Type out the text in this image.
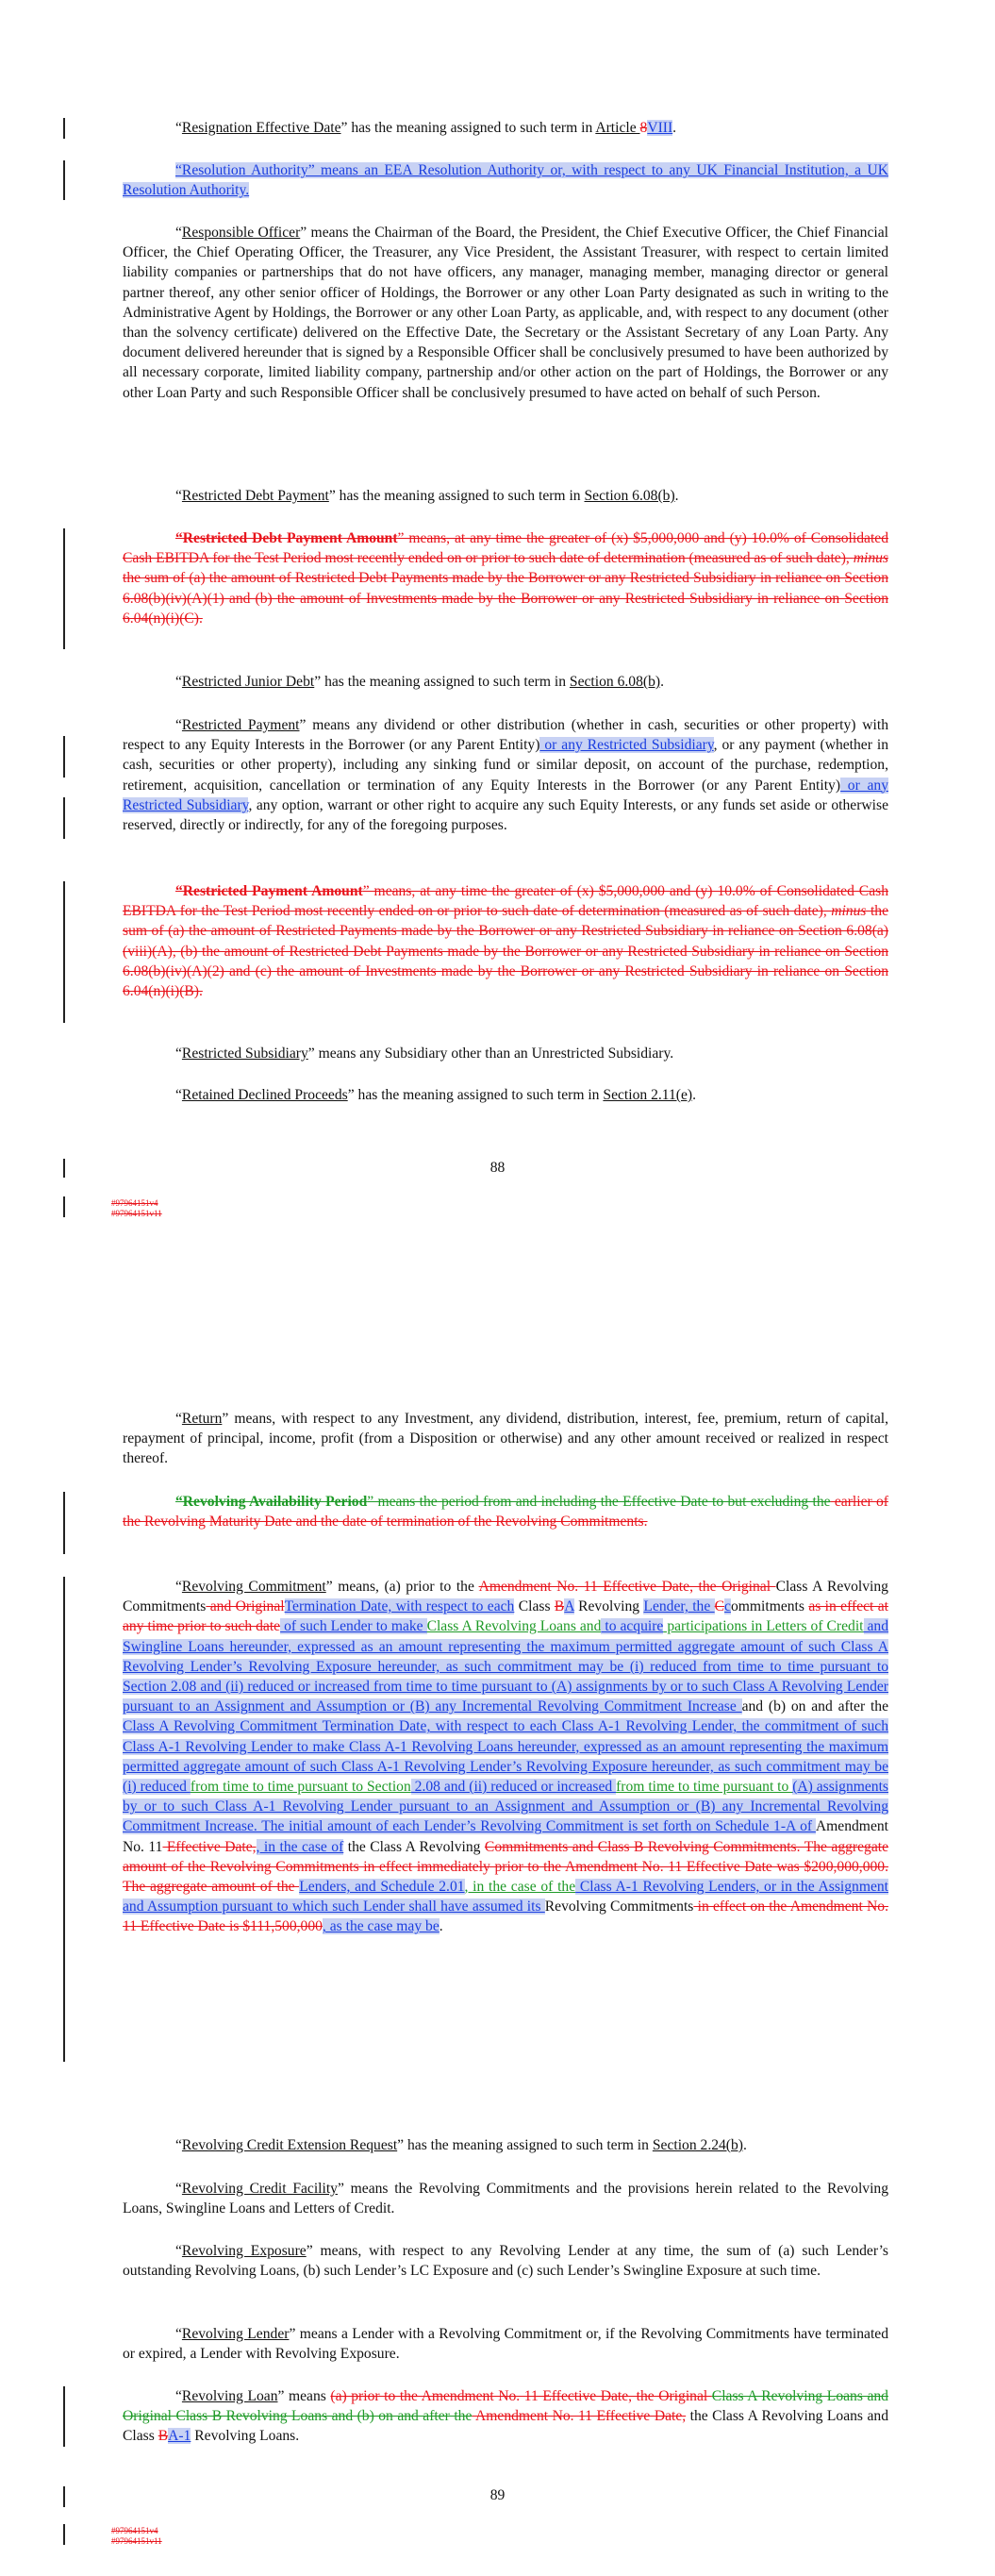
“Resignation Effective Date” has the meaning assigned to such term in Article 8VIII.

“Resolution Authority” means an EEA Resolution Authority or, with respect to any UK Financial Institution, a UK Resolution Authority.

“Responsible Officer” means the Chairman of the Board, the President, the Chief Executive Officer, the Chief Financial Officer, the Chief Operating Officer, the Treasurer, any Vice President, the Assistant Treasurer, with respect to certain limited liability companies or partnerships that do not have officers, any manager, managing member, managing director or general partner thereof, any other senior officer of Holdings, the Borrower or any other Loan Party designated as such in writing to the Administrative Agent by Holdings, the Borrower or any other Loan Party, as applicable, and, with respect to any document (other than the solvency certificate) delivered on the Effective Date, the Secretary or the Assistant Secretary of any Loan Party. Any document delivered hereunder that is signed by a Responsible Officer shall be conclusively presumed to have been authorized by all necessary corporate, limited liability company, partnership and/or other action on the part of Holdings, the Borrower or any other Loan Party and such Responsible Officer shall be conclusively presumed to have acted on behalf of such Person.

“Restricted Debt Payment” has the meaning assigned to such term in Section 6.08(b).

“Restricted Debt Payment Amount” means, at any time the greater of (x) $5,000,000 and (y) 10.0% of Consolidated Cash EBITDA for the Test Period most recently ended on or prior to such date of determination (measured as of such date), minus the sum of (a) the amount of Restricted Debt Payments made by the Borrower or any Restricted Subsidiary in reliance on Section 6.08(b)(iv)(A)(1) and (b) the amount of Investments made by the Borrower or any Restricted Subsidiary in reliance on Section 6.04(n)(i)(C).

“Restricted Junior Debt” has the meaning assigned to such term in Section 6.08(b).

“Restricted Payment” means any dividend or other distribution (whether in cash, securities or other property) with respect to any Equity Interests in the Borrower (or any Parent Entity) or any Restricted Subsidiary, or any payment (whether in cash, securities or other property), including any sinking fund or similar deposit, on account of the purchase, redemption, retirement, acquisition, cancellation or termination of any Equity Interests in the Borrower (or any Parent Entity) or any Restricted Subsidiary, any option, warrant or other right to acquire any such Equity Interests, or any funds set aside or otherwise reserved, directly or indirectly, for any of the foregoing purposes.

“Restricted Payment Amount” means, at any time the greater of (x) $5,000,000 and (y) 10.0% of Consolidated Cash EBITDA for the Test Period most recently ended on or prior to such date of determination (measured as of such date), minus the sum of (a) the amount of Restricted Payments made by the Borrower or any Restricted Subsidiary in reliance on Section 6.08(a)(viii)(A), (b) the amount of Restricted Debt Payments made by the Borrower or any Restricted Subsidiary in reliance on Section 6.08(b)(iv)(A)(2) and (c) the amount of Investments made by the Borrower or any Restricted Subsidiary in reliance on Section 6.04(n)(i)(B).

“Restricted Subsidiary” means any Subsidiary other than an Unrestricted Subsidiary.

“Retained Declined Proceeds” has the meaning assigned to such term in Section 2.11(e).

88
#97964151v4
#97964151v11

“Return” means, with respect to any Investment, any dividend, distribution, interest, fee, premium, return of capital, repayment of principal, income, profit (from a Disposition or otherwise) and any other amount received or realized in respect thereof.

“Revolving Availability Period” means the period from and including the Effective Date to but excluding the earlier of the Revolving Maturity Date and the date of termination of the Revolving Commitments.

“Revolving Commitment” means, (a) prior to the Amendment No. 11 Effective Date, the Original Class A Revolving Commitments and OriginalTermination Date, with respect to each Class BA Revolving Lender, the Ccommitments as in effect at any time prior to such date of such Lender to make Class A Revolving Loans and to acquire participations in Letters of Credit and Swingline Loans hereunder, expressed as an amount representing the maximum permitted aggregate amount of such Class A Revolving Lender’s Revolving Exposure hereunder, as such commitment may be (i) reduced from time to time pursuant to Section 2.08 and (ii) reduced or increased from time to time pursuant to (A) assignments by or to such Class A Revolving Lender pursuant to an Assignment and Assumption or (B) any Incremental Revolving Commitment Increase and (b) on and after the Class A Revolving Commitment Termination Date, with respect to each Class A-1 Revolving Lender, the commitment of such Class A-1 Revolving Lender to make Class A-1 Revolving Loans hereunder, expressed as an amount representing the maximum permitted aggregate amount of such Class A-1 Revolving Lender’s Revolving Exposure hereunder, as such commitment may be (i) reduced from time to time pursuant to Section 2.08 and (ii) reduced or increased from time to time pursuant to (A) assignments by or to such Class A-1 Revolving Lender pursuant to an Assignment and Assumption or (B) any Incremental Revolving Commitment Increase. The initial amount of each Lender’s Revolving Commitment is set forth on Schedule 1-A of Amendment No. 11 Effective Date,, in the case of the Class A Revolving Commitments and Class B Revolving Commitments. The aggregate amount of the Revolving Commitments in effect immediately prior to the Amendment No. 11 Effective Date was $200,000,000. The aggregate amount of the Lenders, and Schedule 2.01, in the case of the Class A-1 Revolving Lenders, or in the Assignment and Assumption pursuant to which such Lender shall have assumed its Revolving Commitments in effect on the Amendment No. 11 Effective Date is $111,500,000, as the case may be.

“Revolving Credit Extension Request” has the meaning assigned to such term in Section 2.24(b).

“Revolving Credit Facility” means the Revolving Commitments and the provisions herein related to the Revolving Loans, Swingline Loans and Letters of Credit.

“Revolving Exposure” means, with respect to any Revolving Lender at any time, the sum of (a) such Lender’s outstanding Revolving Loans, (b) such Lender’s LC Exposure and (c) such Lender’s Swingline Exposure at such time.

“Revolving Lender” means a Lender with a Revolving Commitment or, if the Revolving Commitments have terminated or expired, a Lender with Revolving Exposure.

“Revolving Loan” means (a) prior to the Amendment No. 11 Effective Date, the Original Class A Revolving Loans and Original Class B Revolving Loans and (b) on and after the Amendment No. 11 Effective Date, the Class A Revolving Loans and Class BA-1 Revolving Loans.

89
#97964151v4
#97964151v11
